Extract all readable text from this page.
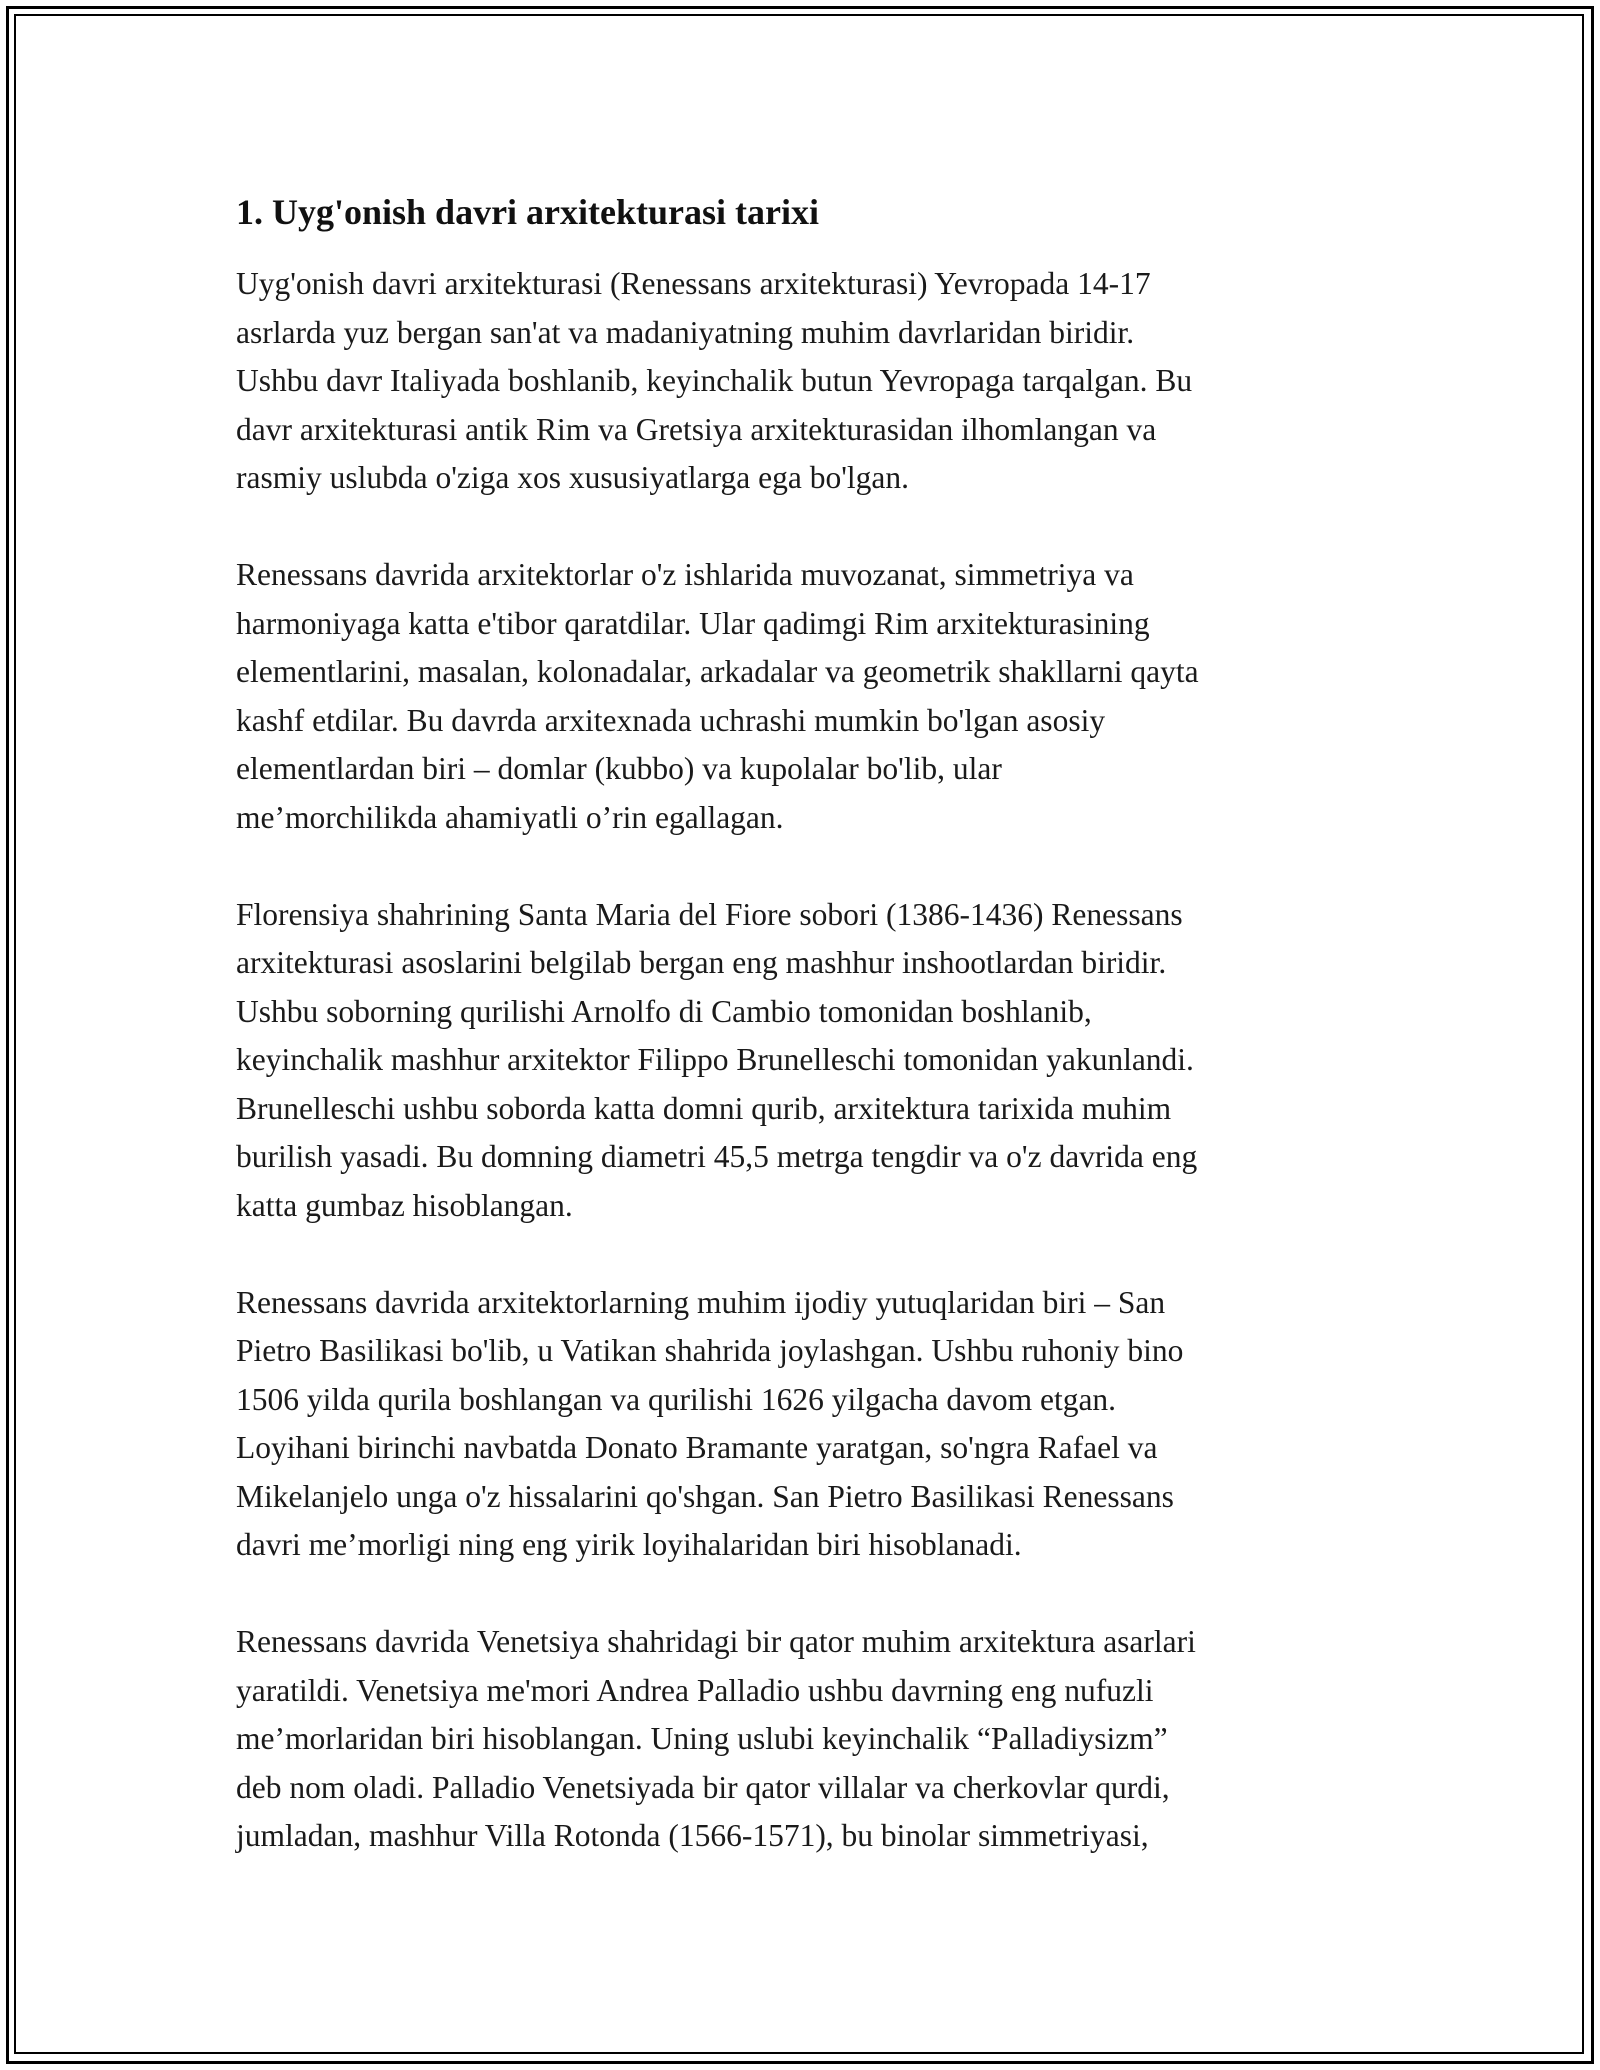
1. Uyg'onish davri arxitekturasi tarixi
Uyg'onish davri arxitekturasi (Renessans arxitekturasi) Yevropada 14-17
asrlarda yuz bergan san'at va madaniyatning muhim davrlaridan biridir.
Ushbu davr Italiyada boshlanib, keyinchalik butun Yevropaga tarqalgan. Bu
davr arxitekturasi antik Rim va Gretsiya arxitekturasidan ilhomlangan va
rasmiy uslubda o'ziga xos xususiyatlarga ega bo'lgan.
Renessans davrida arxitektorlar o'z ishlarida muvozanat, simmetriya va
harmoniyaga katta e'tibor qaratdilar. Ular qadimgi Rim arxitekturasining
elementlarini, masalan, kolonadalar, arkadalar va geometrik shakllarni qayta
kashf etdilar. Bu davrda arxitexnada uchrashi mumkin bo'lgan asosiy
elementlardan biri – domlar (kubbo) va kupolalar bo'lib, ular
me’morchilikda ahamiyatli o’rin egallagan.
Florensiya shahrining Santa Maria del Fiore sobori (1386-1436) Renessans
arxitekturasi asoslarini belgilab bergan eng mashhur inshootlardan biridir.
Ushbu soborning qurilishi Arnolfo di Cambio tomonidan boshlanib,
keyinchalik mashhur arxitektor Filippo Brunelleschi tomonidan yakunlandi.
Brunelleschi ushbu soborda katta domni qurib, arxitektura tarixida muhim
burilish yasadi. Bu domning diametri 45,5 metrga tengdir va o'z davrida eng
katta gumbaz hisoblangan.
Renessans davrida arxitektorlarning muhim ijodiy yutuqlaridan biri – San
Pietro Basilikasi bo'lib, u Vatikan shahrida joylashgan. Ushbu ruhoniy bino
1506 yilda qurila boshlangan va qurilishi 1626 yilgacha davom etgan.
Loyihani birinchi navbatda Donato Bramante yaratgan, so'ngra Rafael va
Mikelanjelo unga o'z hissalarini qo'shgan. San Pietro Basilikasi Renessans
davri me’morligi ning eng yirik loyihalaridan biri hisoblanadi.
Renessans davrida Venetsiya shahridagi bir qator muhim arxitektura asarlari
yaratildi. Venetsiya me'mori Andrea Palladio ushbu davrning eng nufuzli
me’morlaridan biri hisoblangan. Uning uslubi keyinchalik “Palladiysizm”
deb nom oladi. Palladio Venetsiyada bir qator villalar va cherkovlar qurdi,
jumladan, mashhur Villa Rotonda (1566-1571), bu binolar simmetriyasi,
